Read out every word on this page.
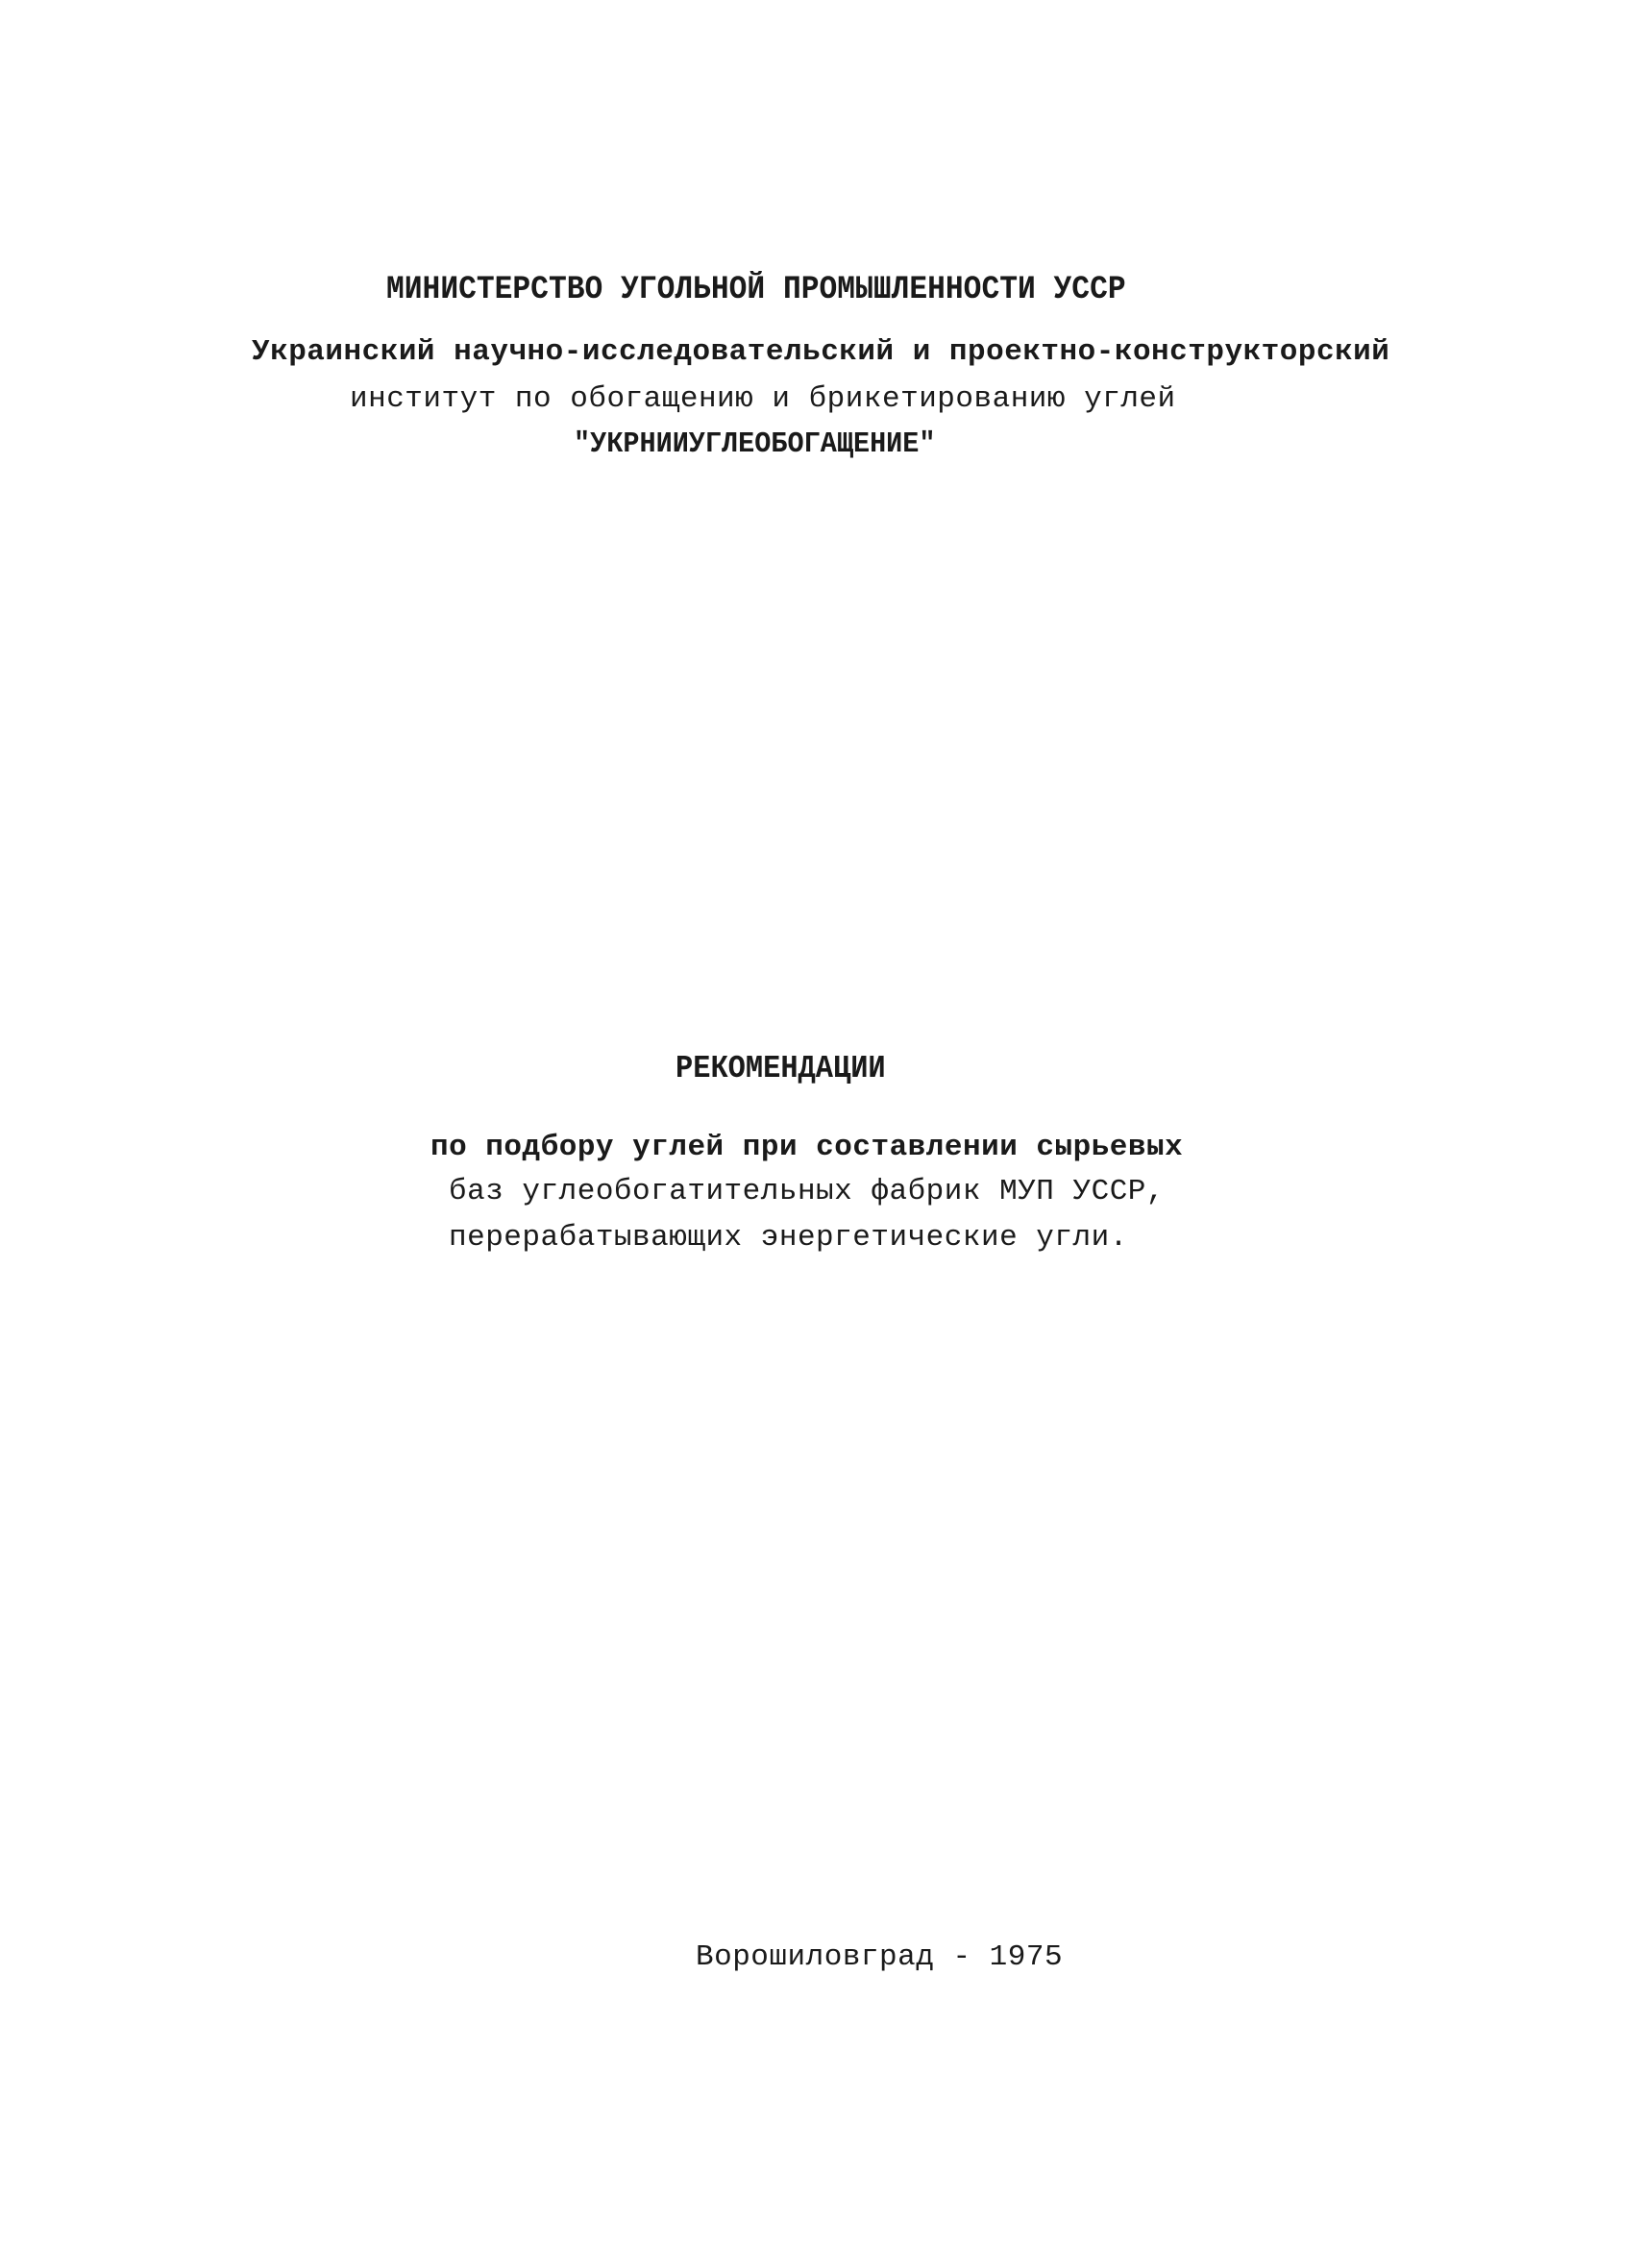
МИНИСТЕРСТВО УГОЛЬНОЙ ПРОМЫШЛЕННОСТИ УССР
Украинский научно-исследовательский и проектно-конструкторский
институт по обогащению и брикетированию углей
"УКРНИИУГЛЕОБОГАЩЕНИЕ"
РЕКОМЕНДАЦИИ
по подбору углей при составлении сырьевых
баз углеобогатительных фабрик МУП УССР,
перерабатывающих энергетические угли.
Ворошиловград - 1975
